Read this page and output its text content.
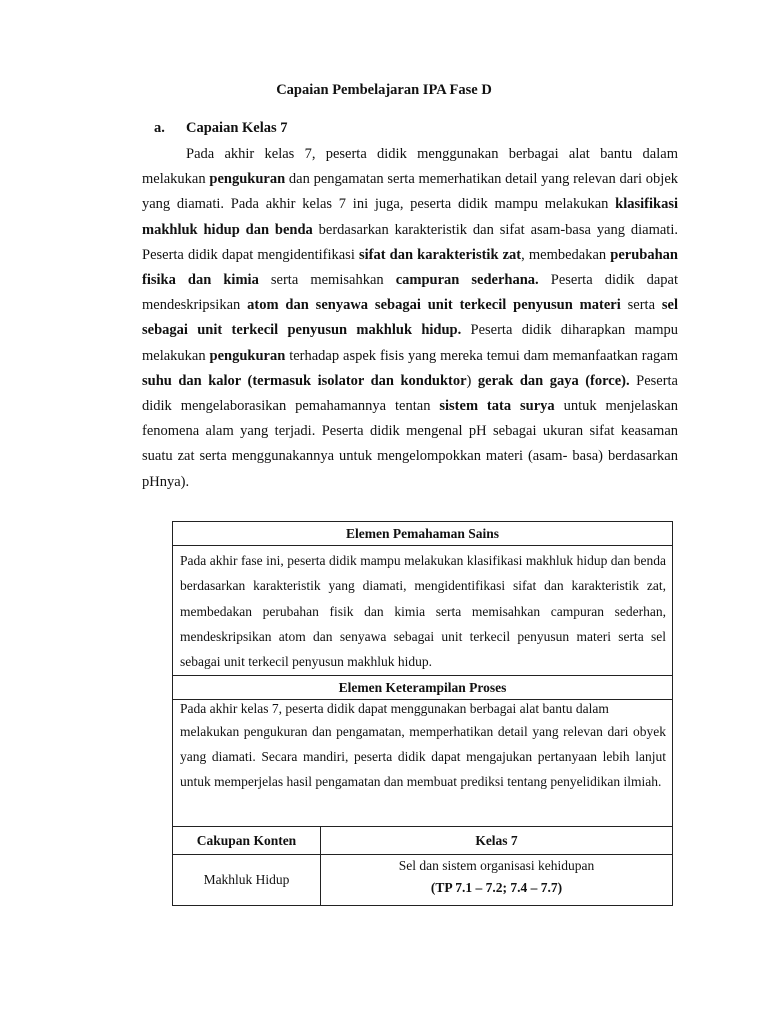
Capaian Pembelajaran IPA Fase D
a. Capaian Kelas 7

Pada akhir kelas 7, peserta didik menggunakan berbagai alat bantu dalam melakukan pengukuran dan pengamatan serta memerhatikan detail yang relevan dari objek yang diamati. Pada akhir kelas 7 ini juga, peserta didik mampu melakukan klasifikasi makhluk hidup dan benda berdasarkan karakteristik dan sifat asam-basa yang diamati. Peserta didik dapat mengidentifikasi sifat dan karakteristik zat, membedakan perubahan fisika dan kimia serta memisahkan campuran sederhana. Peserta didik dapat mendeskripsikan atom dan senyawa sebagai unit terkecil penyusun materi serta sel sebagai unit terkecil penyusun makhluk hidup. Peserta didik diharapkan mampu melakukan pengukuran terhadap aspek fisis yang mereka temui dam memanfaatkan ragam suhu dan kalor (termasuk isolator dan konduktor) gerak dan gaya (force). Peserta didik mengelaborasikan pemahamannya tentan sistem tata surya untuk menjelaskan fenomena alam yang terjadi. Peserta didik mengenal pH sebagai ukuran sifat keasaman suatu zat serta menggunakannya untuk mengelompokkan materi (asam- basa) berdasarkan pHnya).

Elemen Pemahaman Sains
Pada akhir fase ini, peserta didik mampu melakukan klasifikasi makhluk hidup dan benda berdasarkan karakteristik yang diamati, mengidentifikasi sifat dan karakteristik zat, membedakan perubahan fisik dan kimia serta memisahkan campuran sederhan, mendeskripsikan atom dan senyawa sebagai unit terkecil penyusun materi serta sel sebagai unit terkecil penyusun makhluk hidup.
Elemen Keterampilan Proses
Pada akhir kelas 7, peserta didik dapat menggunakan berbagai alat bantu dalam
melakukan pengukuran dan pengamatan, memperhatikan detail yang relevan dari obyek yang diamati. Secara mandiri, peserta didik dapat mengajukan pertanyaan lebih lanjut untuk memperjelas hasil pengamatan dan membuat prediksi tentang penyelidikan ilmiah.
Cakupan Konten	Kelas 7
Makhluk Hidup	Sel dan sistem organisasi kehidupan
(TP 7.1 – 7.2; 7.4 – 7.7)
